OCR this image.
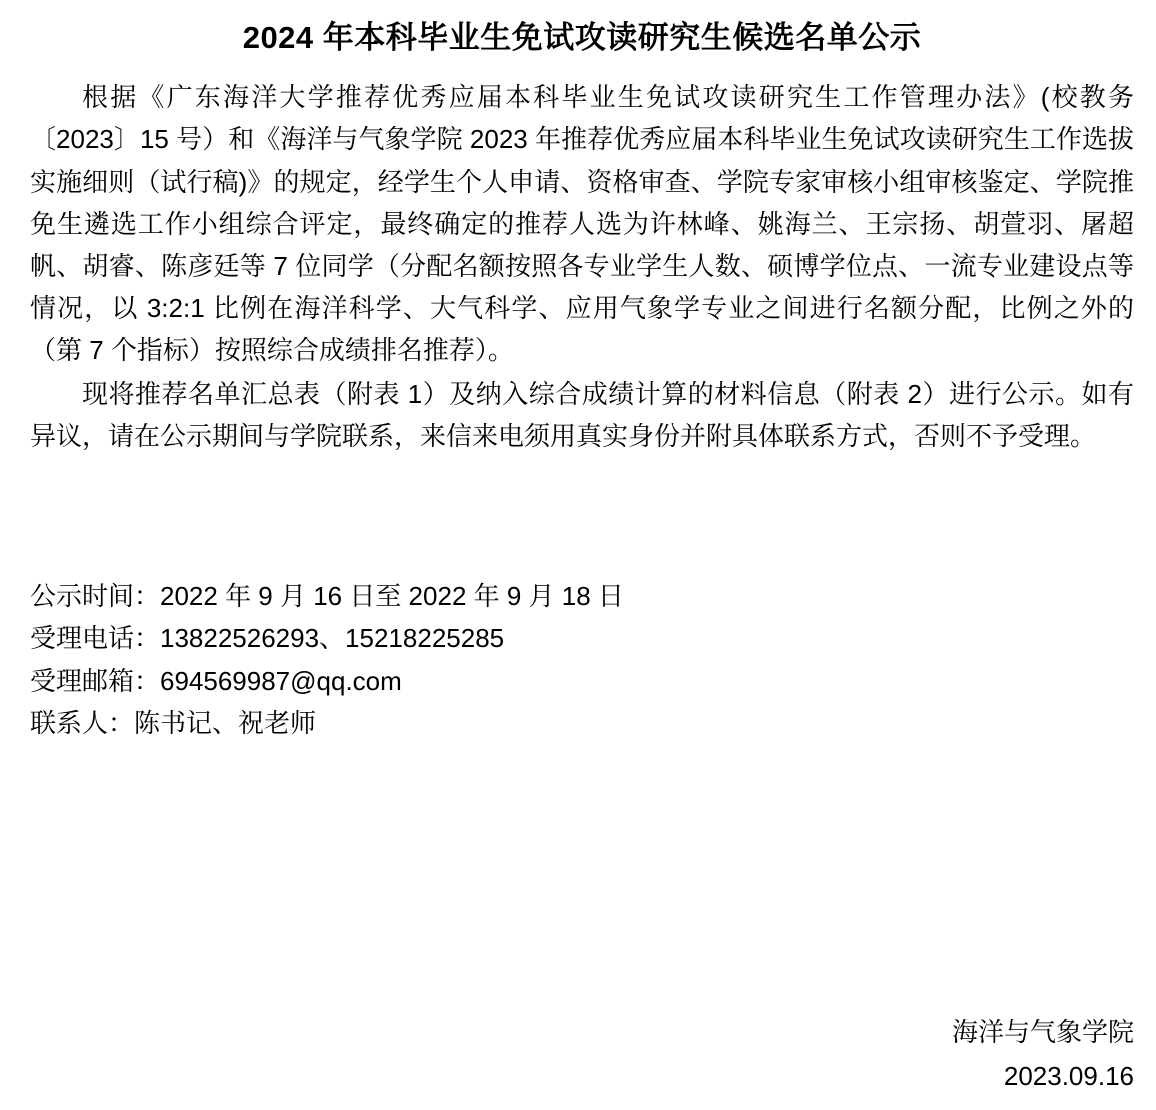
2024 年本科毕业生免试攻读研究生候选名单公示

根据《广东海洋大学推荐优秀应届本科毕业生免试攻读研究生工作管理办法》(校教务〔2023〕15 号）和《海洋与气象学院 2023 年推荐优秀应届本科毕业生免试攻读研究生工作选拔实施细则（试行稿)》的规定，经学生个人申请、资格审查、学院专家审核小组审核鉴定、学院推免生遴选工作小组综合评定，最终确定的推荐人选为许林峰、姚海兰、王宗扬、胡萱羽、屠超帆、胡睿、陈彦廷等 7 位同学（分配名额按照各专业学生人数、硕博学位点、一流专业建设点等情况，以 3:2:1 比例在海洋科学、大气科学、应用气象学专业之间进行名额分配，比例之外的（第 7 个指标）按照综合成绩排名推荐）。

现将推荐名单汇总表（附表 1）及纳入综合成绩计算的材料信息（附表 2）进行公示。如有异议，请在公示期间与学院联系，来信来电须用真实身份并附具体联系方式，否则不予受理。

公示时间：2022 年 9 月 16 日至 2022 年 9 月 18 日
受理电话：13822526293、15218225285
受理邮箱：694569987@qq.com
联系人：陈书记、祝老师
海洋与气象学院
2023.09.16
